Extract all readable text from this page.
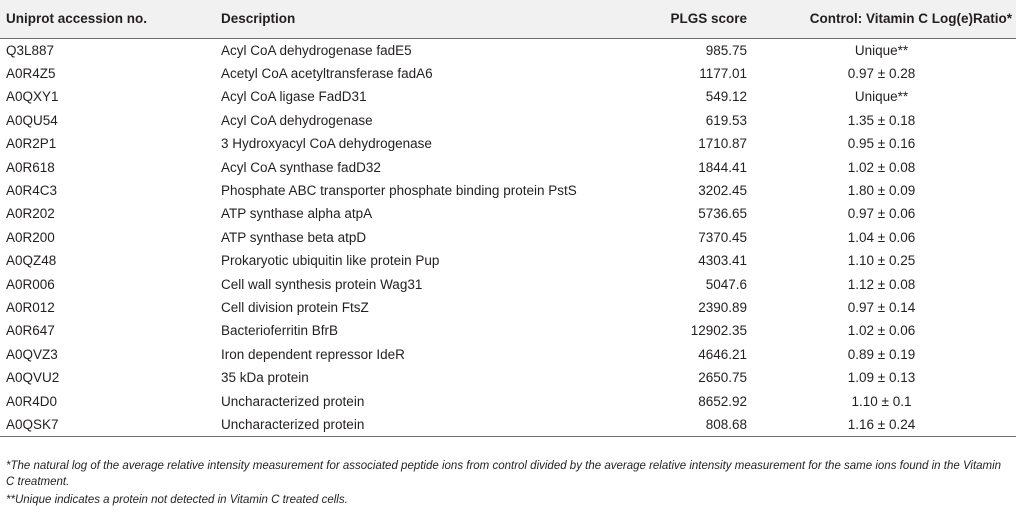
Uniprot accession no.	Description	PLGS score	Control: Vitamin C Log(e)Ratio*
Q3L887	Acyl CoA dehydrogenase fadE5	985.75	Unique**
A0R4Z5	Acetyl CoA acetyltransferase fadA6	1177.01	0.97 ± 0.28
A0QXY1	Acyl CoA ligase FadD31	549.12	Unique**
A0QU54	Acyl CoA dehydrogenase	619.53	1.35 ± 0.18
A0R2P1	3 Hydroxyacyl CoA dehydrogenase	1710.87	0.95 ± 0.16
A0R618	Acyl CoA synthase fadD32	1844.41	1.02 ± 0.08
A0R4C3	Phosphate ABC transporter phosphate binding protein PstS	3202.45	1.80 ± 0.09
A0R202	ATP synthase alpha atpA	5736.65	0.97 ± 0.06
A0R200	ATP synthase beta atpD	7370.45	1.04 ± 0.06
A0QZ48	Prokaryotic ubiquitin like protein Pup	4303.41	1.10 ± 0.25
A0R006	Cell wall synthesis protein Wag31	5047.6	1.12 ± 0.08
A0R012	Cell division protein FtsZ	2390.89	0.97 ± 0.14
A0R647	Bacterioferritin BfrB	12902.35	1.02 ± 0.06
A0QVZ3	Iron dependent repressor IdeR	4646.21	0.89 ± 0.19
A0QVU2	35 kDa protein	2650.75	1.09 ± 0.13
A0R4D0	Uncharacterized protein	8652.92	1.10 ± 0.1
A0QSK7	Uncharacterized protein	808.68	1.16 ± 0.24

*The natural log of the average relative intensity measurement for associated peptide ions from control divided by the average relative intensity measurement for the same ions found in the Vitamin C treatment.

**Unique indicates a protein not detected in Vitamin C treated cells.
